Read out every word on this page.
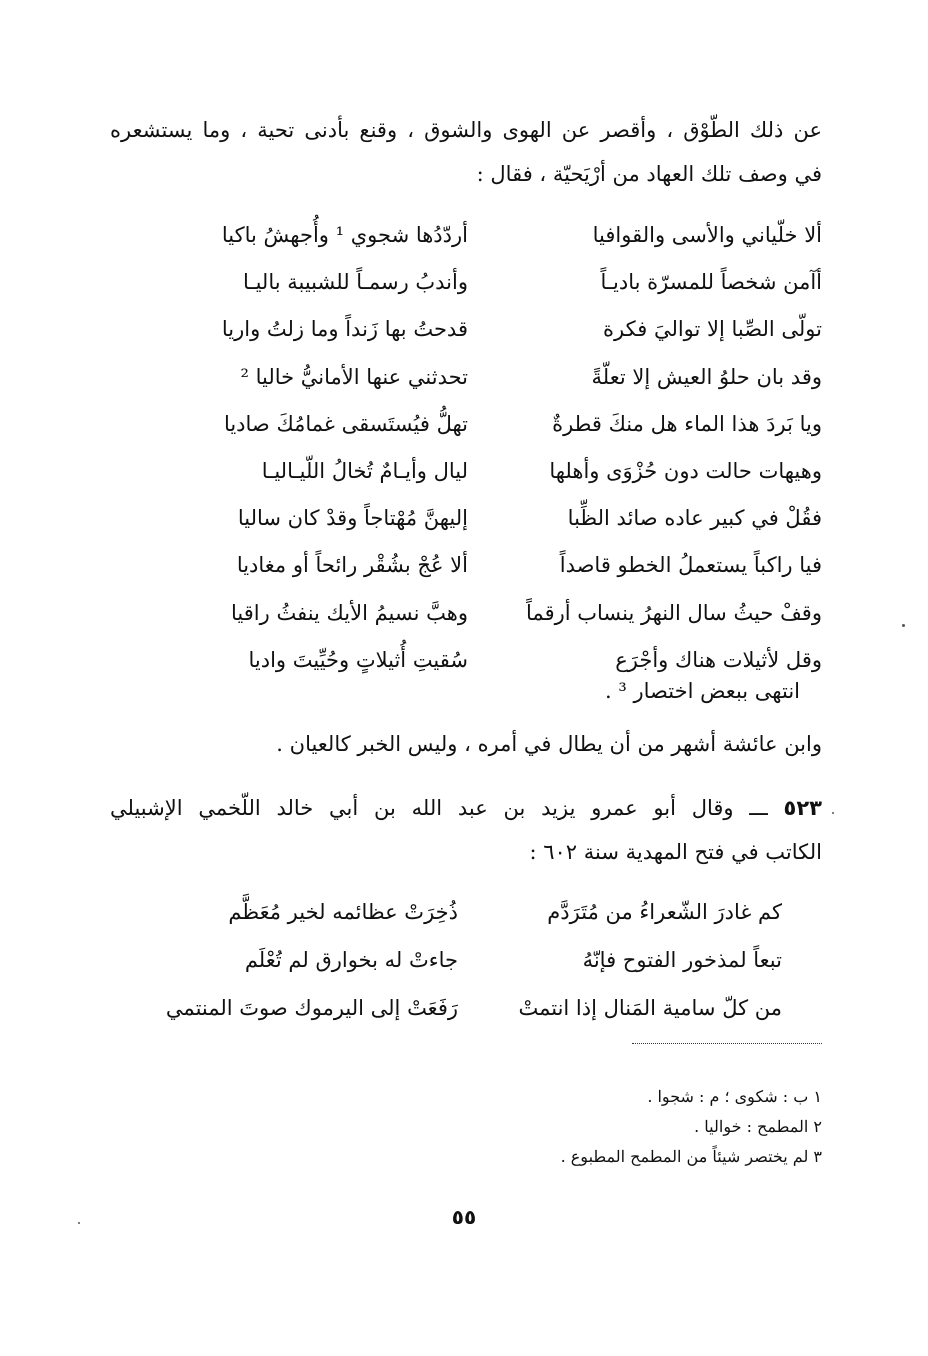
عن ذلك الطّوْق ، وأقصر عن الهوى والشوق ، وقنع بأدنى تحية ، وما يستشعره
في وصف تلك العهاد من أرْيَحيّة ، فقال :
ألا خلّياني والأسى والقوافيا
أردّدُها شجوي ¹ وأُجهشُ باكيا
أآمن شخصاً للمسرّة باديـاً
وأندبُ رسمـاً للشبيبة باليـا
تولّى الصِّبا إلا تواليَ فكرة
قدحتُ بها زَنداً وما زلتُ واريا
وقد بان حلوُ العيش إلا تعلّةً
تحدثني عنها الأمانيُّ خاليا ²
ويا بَردَ هذا الماء هل منكَ قطرةٌ
تهلُّ فيُستَسقى غمامُكَ صاديا
وهيهات حالت دون حُزْوَى وأهلها
ليال وأيـامٌ تُخالُ اللّيـاليـا
فقُلْ في كبير عاده صائد الظِّبا
إليهنَّ مُهْتاجاً وقدْ كان ساليا
فيا راكباً يستعملُ الخطو قاصداً
ألا عُجْ بشُقْر رائحاً أو مغاديا
وقفْ حيثُ سال النهرُ ينساب أرقماً
وهبَّ نسيمُ الأيك ينفثُ راقيا
وقل لأثيلات هناك وأجْرَع
سُقيتِ أُثيلاتٍ وحُيِّيتَ واديا
انتهى ببعض اختصار ³ .
وابن عائشة أشهر من أن يطال في أمره ، وليس الخبر كالعيان .
٥٢٣ ـــ وقال أبو عمرو يزيد بن عبد الله بن أبي خالد اللّخمي الإشبيلي
الكاتب في فتح المهدية سنة ٦٠٢ :
كم غادرَ الشّعراءُ من مُتَرَدَّم
ذُخِرَتْ عظائمه لخير مُعَظَّم
تبعاً لمذخور الفتوح فإنّهُ
جاءتْ له بخوارق لم تُعْلَم
من كلّ سامية المَنال إذا انتمتْ
رَفَعَتْ إلى اليرموك صوتَ المنتمي
١ ب : شكوى ؛ م : شجوا .
٢ المطمح : خواليا .
٣ لم يختصر شيئاً من المطمح المطبوع .
٥٥
